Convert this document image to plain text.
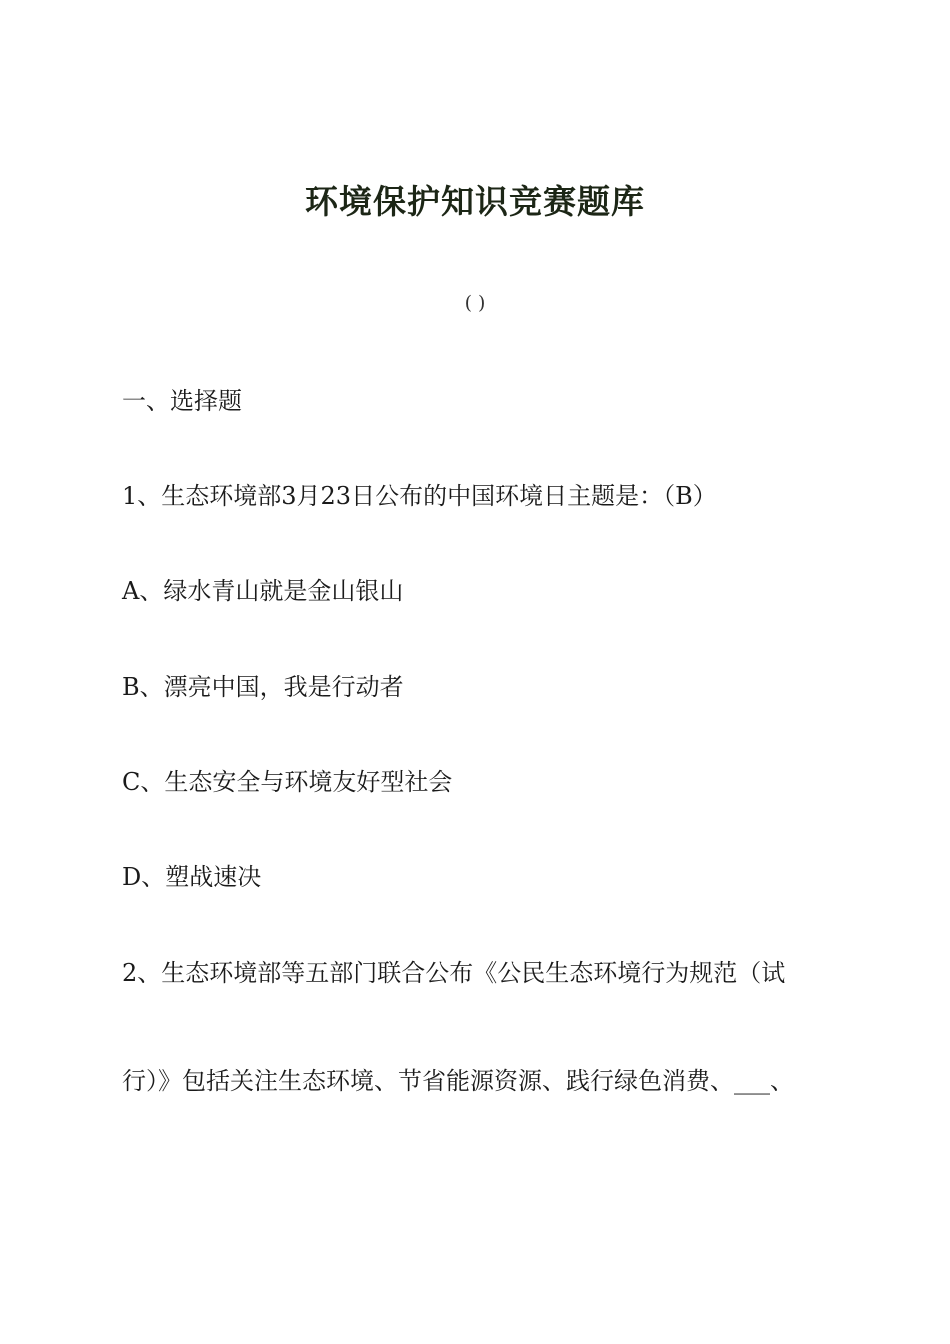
环境保护知识竞赛题库
( )
一、选择题
1、生态环境部3月23日公布的中国环境日主题是：（B）
A、绿水青山就是金山银山
B、漂亮中国，我是行动者
C、生态安全与环境友好型社会
D、塑战速决
2、生态环境部等五部门联合公布《公民生态环境行为规范（试
行）》包括关注生态环境、节省能源资源、践行绿色消费、___、
